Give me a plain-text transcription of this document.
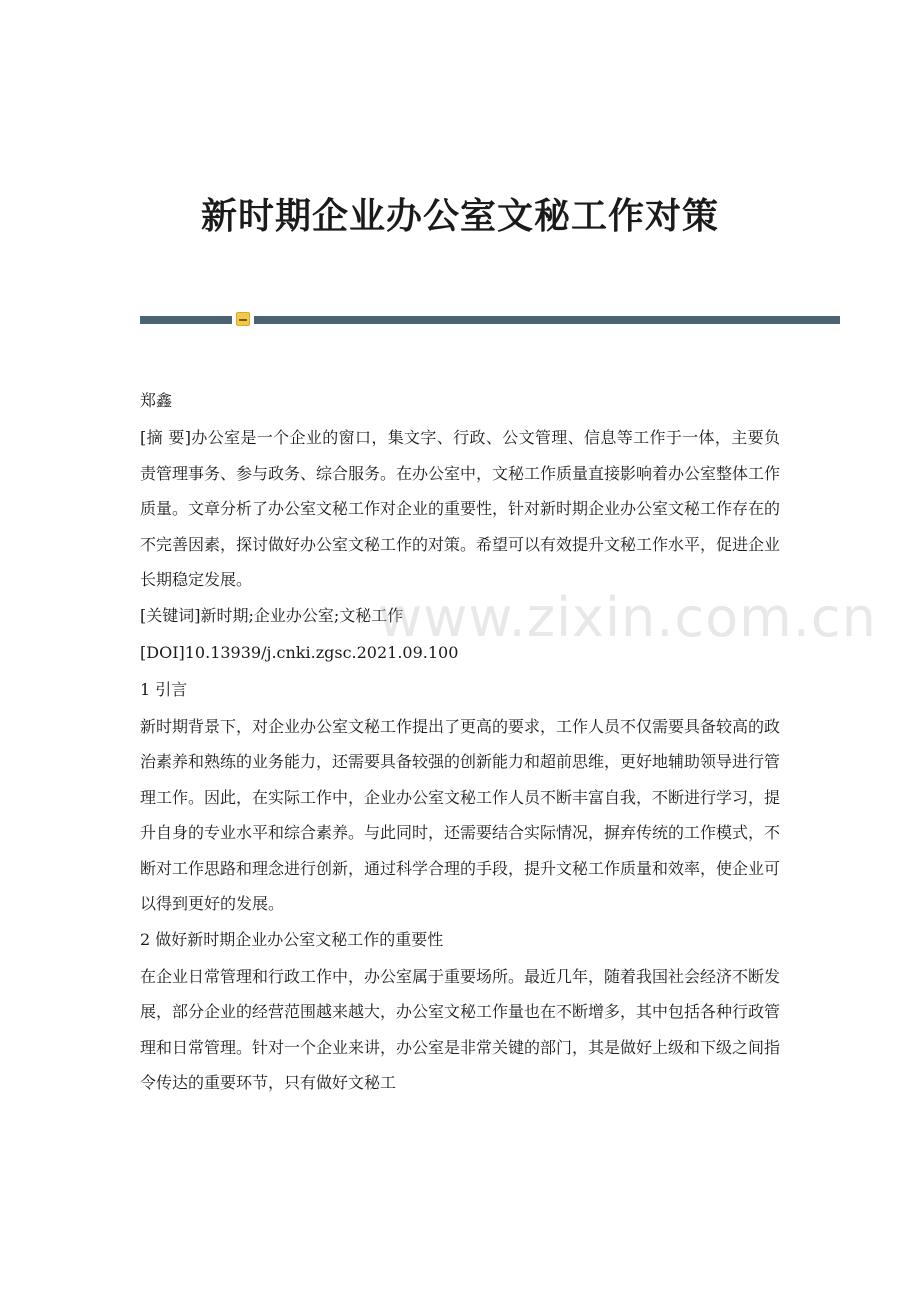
新时期企业办公室文秘工作对策

郑鑫

[摘 要]办公室是一个企业的窗口，集文字、行政、公文管理、信息等工作于一体，主要负责管理事务、参与政务、综合服务。在办公室中，文秘工作质量直接影响着办公室整体工作质量。文章分析了办公室文秘工作对企业的重要性，针对新时期企业办公室文秘工作存在的不完善因素，探讨做好办公室文秘工作的对策。希望可以有效提升文秘工作水平，促进企业长期稳定发展。

[关键词]新时期;企业办公室;文秘工作

[DOI]10.13939/j.cnki.zgsc.2021.09.100

1 引言

新时期背景下，对企业办公室文秘工作提出了更高的要求，工作人员不仅需要具备较高的政治素养和熟练的业务能力，还需要具备较强的创新能力和超前思维，更好地辅助领导进行管理工作。因此，在实际工作中，企业办公室文秘工作人员不断丰富自我，不断进行学习，提升自身的专业水平和综合素养。与此同时，还需要结合实际情况，摒弃传统的工作模式，不断对工作思路和理念进行创新，通过科学合理的手段，提升文秘工作质量和效率，使企业可以得到更好的发展。

2 做好新时期企业办公室文秘工作的重要性

在企业日常管理和行政工作中，办公室属于重要场所。最近几年，随着我国社会经济不断发展，部分企业的经营范围越来越大，办公室文秘工作量也在不断增多，其中包括各种行政管理和日常管理。针对一个企业来讲，办公室是非常关键的部门，其是做好上级和下级之间指令传达的重要环节，只有做好文秘工

www.zixin.com.cn
